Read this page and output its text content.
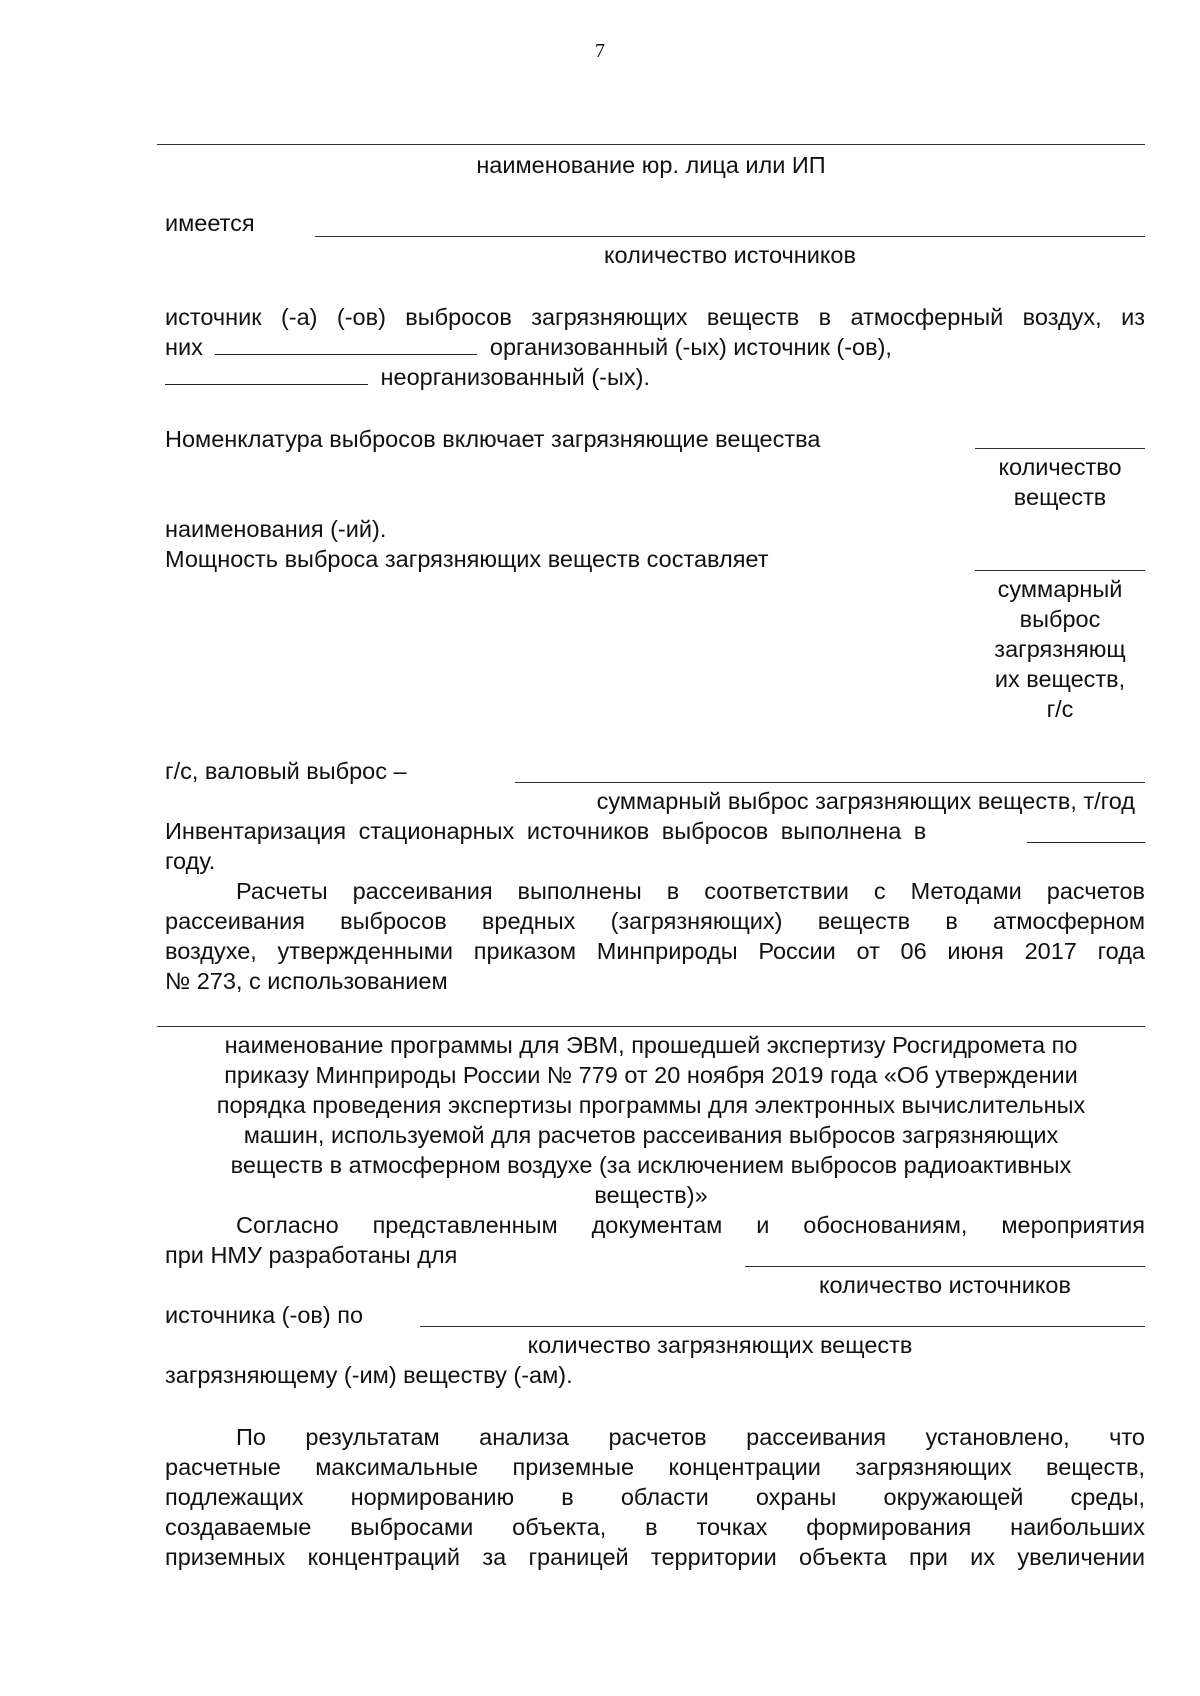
7
наименование юр. лица или ИП
имеется
количество источников
источник (-а) (-ов) выбросов загрязняющих веществ в атмосферный воздух, из
них	организованный (-ых) источник (-ов),
неорганизованный (-ых).
Номенклатура выбросов включает загрязняющие вещества
количество
веществ
наименования (-ий).
Мощность выброса загрязняющих веществ составляет
суммарный
выброс
загрязняющ
их веществ,
г/с
г/с, валовый выброс –
суммарный выброс загрязняющих веществ, т/год
Инвентаризация стационарных источников выбросов выполнена в
году.
Расчеты рассеивания выполнены в соответствии с Методами расчетов
рассеивания выбросов вредных (загрязняющих) веществ в атмосферном
воздухе, утвержденными приказом Минприроды России от 06 июня 2017 года
№ 273, с использованием
наименование программы для ЭВМ, прошедшей экспертизу Росгидромета по
приказу Минприроды России № 779 от 20 ноября 2019 года «Об утверждении
порядка проведения экспертизы программы для электронных вычислительных
машин, используемой для расчетов рассеивания выбросов загрязняющих
веществ в атмосферном воздухе (за исключением выбросов радиоактивных
веществ)»
Согласно представленным документам и обоснованиям, мероприятия
при НМУ разработаны для
количество источников
источника (-ов) по
количество загрязняющих веществ
загрязняющему (-им) веществу (-ам).
По результатам анализа расчетов рассеивания установлено, что
расчетные максимальные приземные концентрации загрязняющих веществ,
подлежащих нормированию в области охраны окружающей среды,
создаваемые выбросами объекта, в точках формирования наибольших
приземных концентраций за границей территории объекта при их увеличении
